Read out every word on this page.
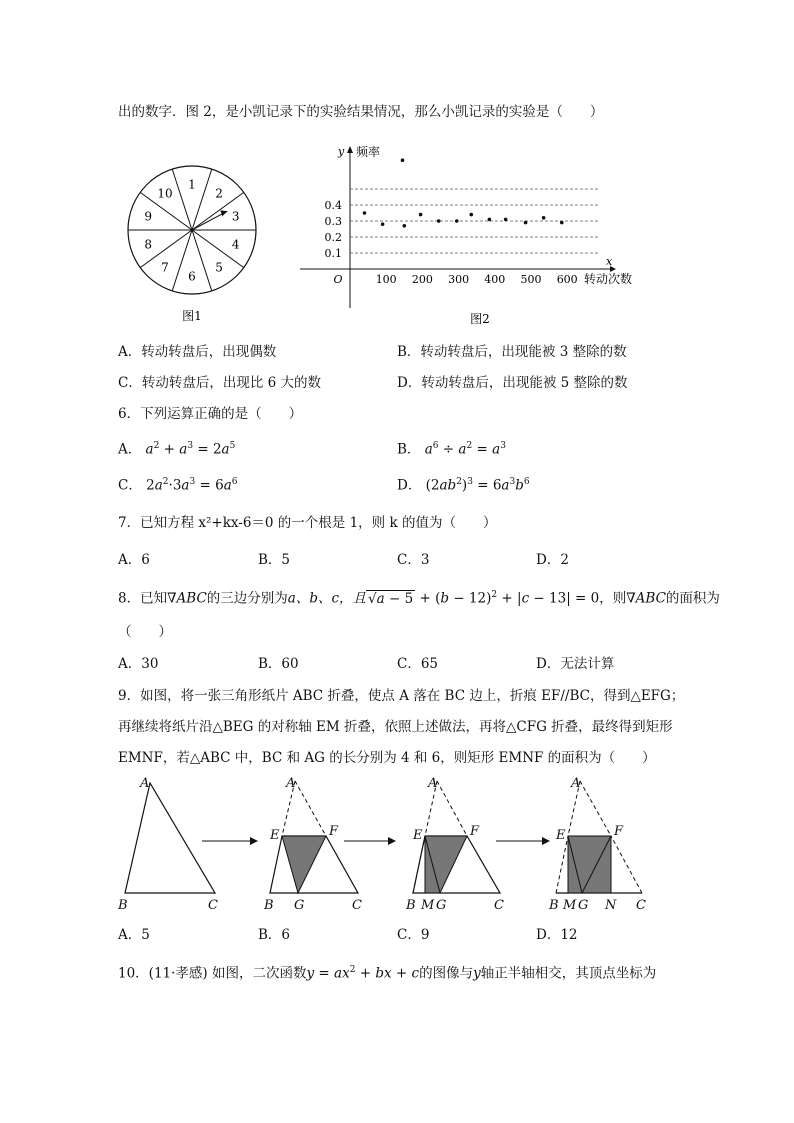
出的数字．图 2，是小凯记录下的实验结果情况，那么小凯记录的实验是（　　）
1
2
3
4
5
6
7
8
9
10
图1
0.4
0.3
0.2
0.1
100 200 300 400 500 600
O
y 频率
x
转动次数
图2
A．转动转盘后，出现偶数	B．转动转盘后，出现能被 3 整除的数
C．转动转盘后，出现比 6 大的数	D．转动转盘后，出现能被 5 整除的数
6．下列运算正确的是（　　）
A． $a^2 + a^3 = 2a^5$	B． $a^6 \div a^2 = a^3$
C． $2a^2\cdot 3a^3 = 6a^6$	D． $(2ab^2)^3 = 6a^3b^6$
7．已知方程 x²+kx-6＝0 的一个根是 1，则 k 的值为（　　）
A．6	B．5	C．3	D．2
8．已知∇ABC的三边分别为a、b、c，且 $√a - 5 + (b - 12)^2 + |c - 13| = 0$，则∇ABC的面积为
（　　）
A．30	B．60	C．65	D．无法计算
9．如图，将一张三角形纸片 ABC 折叠，使点 A 落在 BC 边上，折痕 EF//BC，得到△EFG；
再继续将纸片沿△BEG 的对称轴 EM 折叠，依照上述做法，再将△CFG 折叠，最终得到矩形
EMNF，若△ABC 中，BC 和 AG 的长分别为 4 和 6，则矩形 EMNF 的面积为（　　）
A
B	C
A
E	F
B G	C
A
E	F
B M G	C
A
E	F
B M G N C
A．5	B．6	C．9	D．12
10．(11·孝感) 如图，二次函数$y = ax^2$ + bx + c的图像与y轴正半轴相交，其顶点坐标为
